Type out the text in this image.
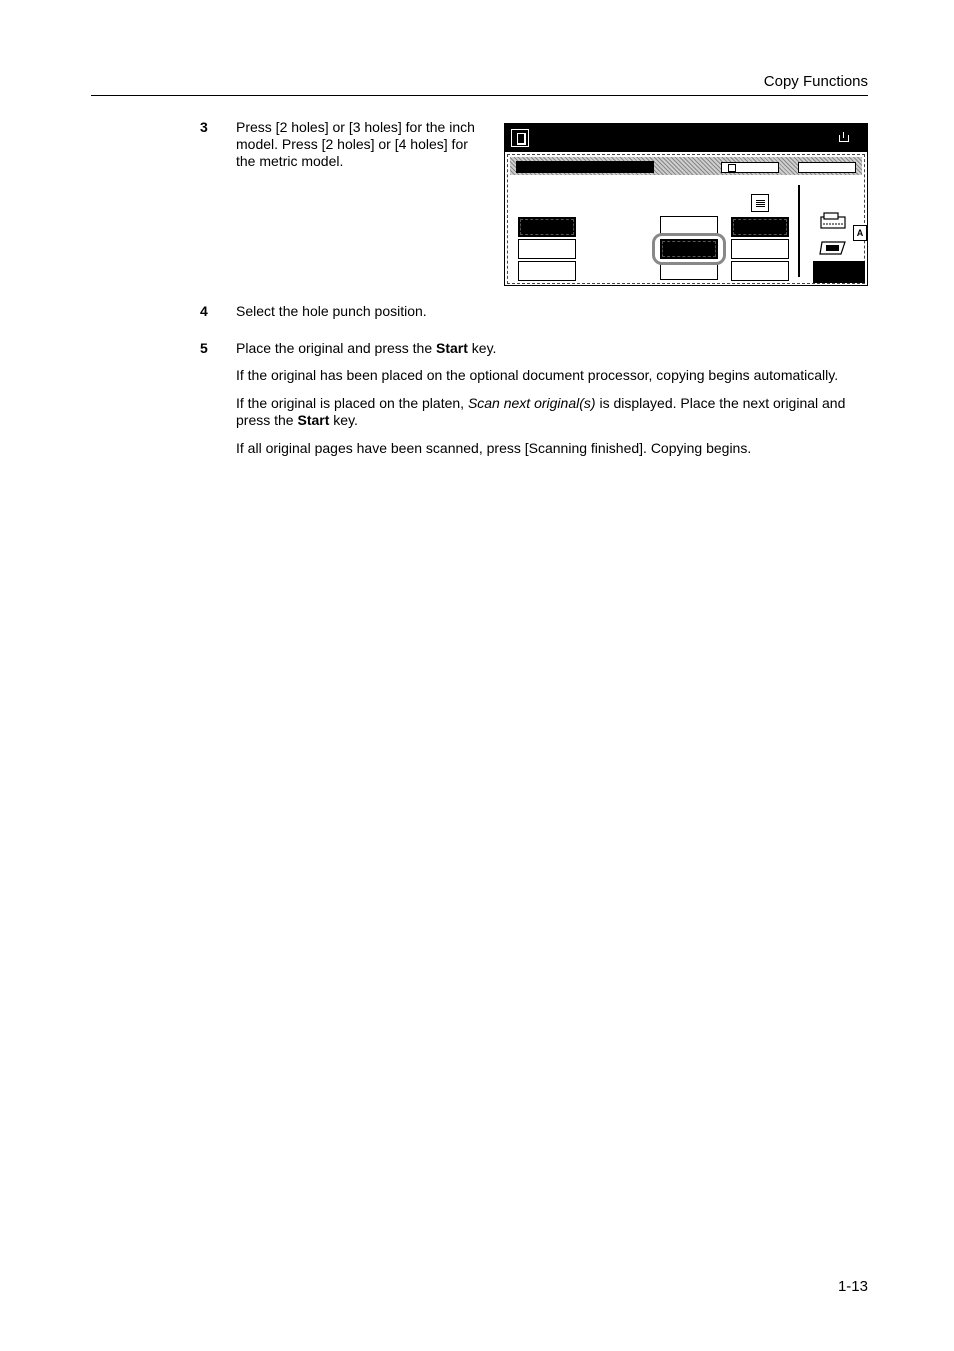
Copy Functions
3 Press [2 holes] or [3 holes] for the inch model. Press [2 holes] or [4 holes] for the metric model.
A
4 Select the hole punch position.
5 Place the original and press the Start key.
If the original has been placed on the optional document processor, copying begins automatically.
If the original is placed on the platen, Scan next original(s) is displayed. Place the next original and press the Start key.
If all original pages have been scanned, press [Scanning finished]. Copying begins.
1-13
